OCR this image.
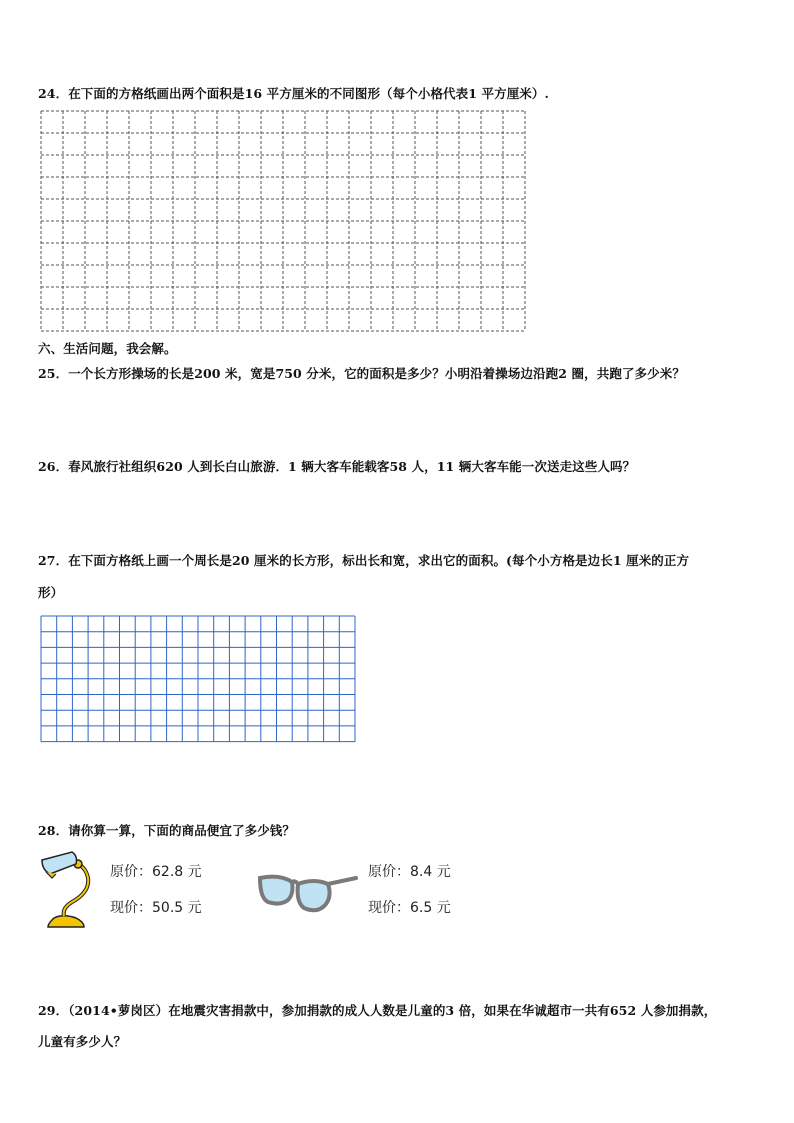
24．在下面的方格纸画出两个面积是16 平方厘米的不同图形（每个小格代表1 平方厘米）.
六、生活问题，我会解。
25．一个长方形操场的长是200 米，宽是750 分米，它的面积是多少？小明沿着操场边沿跑2 圈，共跑了多少米？
26．春风旅行社组织620 人到长白山旅游．1 辆大客车能载客58 人，11 辆大客车能一次送走这些人吗？
27．在下面方格纸上画一个周长是20 厘米的长方形，标出长和宽，求出它的面积。(每个小方格是边长1 厘米的正方
形）
28．请你算一算，下面的商品便宜了多少钱？
原价：62.8 元
现价：50.5 元
原价：8.4 元
现价：6.5 元
29．（2014•萝岗区）在地震灾害捐款中，参加捐款的成人人数是儿童的3 倍，如果在华诚超市一共有652 人参加捐款，
儿童有多少人？
